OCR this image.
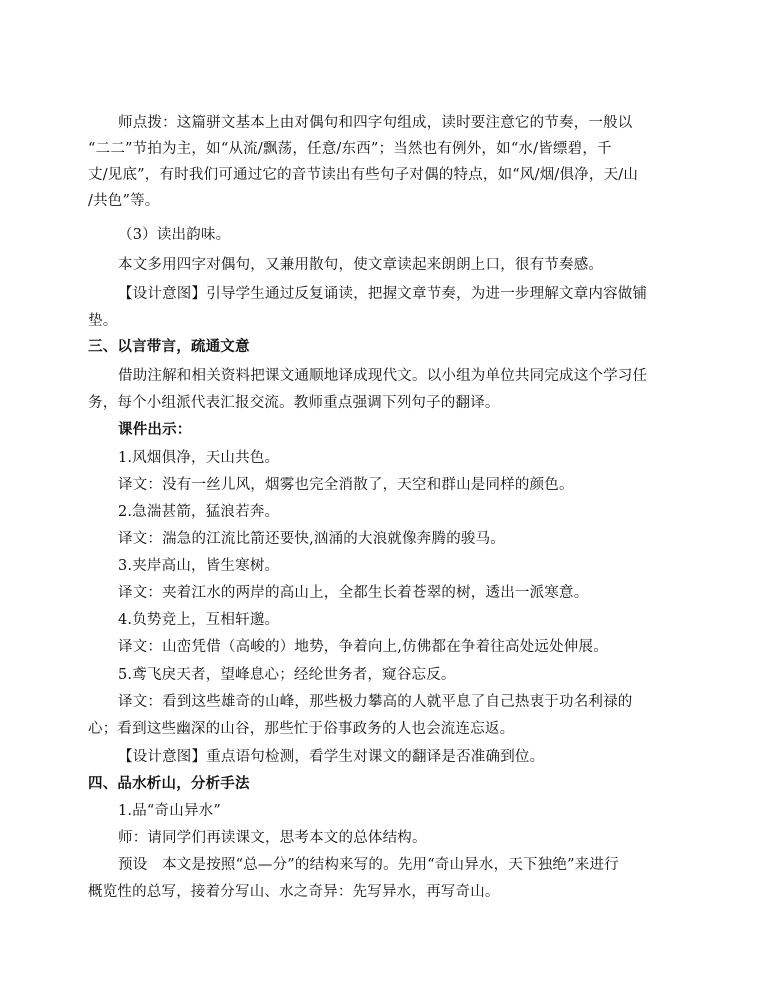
师点拨：这篇骈文基本上由对偶句和四字句组成，读时要注意它的节奏，一般以
“二二”节拍为主，如“从流/飘荡，任意/东西”；当然也有例外，如“水/皆缥碧，千
丈/见底”，有时我们可通过它的音节读出有些句子对偶的特点，如“风/烟/俱净，天/山
/共色”等。
（3）读出韵味。
本文多用四字对偶句，又兼用散句，使文章读起来朗朗上口，很有节奏感。
【设计意图】引导学生通过反复诵读，把握文章节奏，为进一步理解文章内容做铺
垫。
三、以言带言，疏通文意
借助注解和相关资料把课文通顺地译成现代文。以小组为单位共同完成这个学习任
务，每个小组派代表汇报交流。教师重点强调下列句子的翻译。
课件出示：
1.风烟俱净，天山共色。
译文：没有一丝儿风，烟雾也完全消散了，天空和群山是同样的颜色。
2.急湍甚箭，猛浪若奔。
译文：湍急的江流比箭还要快,汹涌的大浪就像奔腾的骏马。
3.夹岸高山，皆生寒树。
译文：夹着江水的两岸的高山上，全都生长着苍翠的树，透出一派寒意。
4.负势竞上，互相轩邈。
译文：山峦凭借（高峻的）地势，争着向上,仿佛都在争着往高处远处伸展。
5.鸢飞戾天者，望峰息心；经纶世务者，窥谷忘反。
译文：看到这些雄奇的山峰，那些极力攀高的人就平息了自己热衷于功名利禄的
心；看到这些幽深的山谷，那些忙于俗事政务的人也会流连忘返。
【设计意图】重点语句检测，看学生对课文的翻译是否准确到位。
四、品水析山，分析手法
1.品“奇山异水”
师：请同学们再读课文，思考本文的总体结构。
预设　本文是按照“总—分”的结构来写的。先用“奇山异水，天下独绝”来进行
概览性的总写，接着分写山、水之奇异：先写异水，再写奇山。
